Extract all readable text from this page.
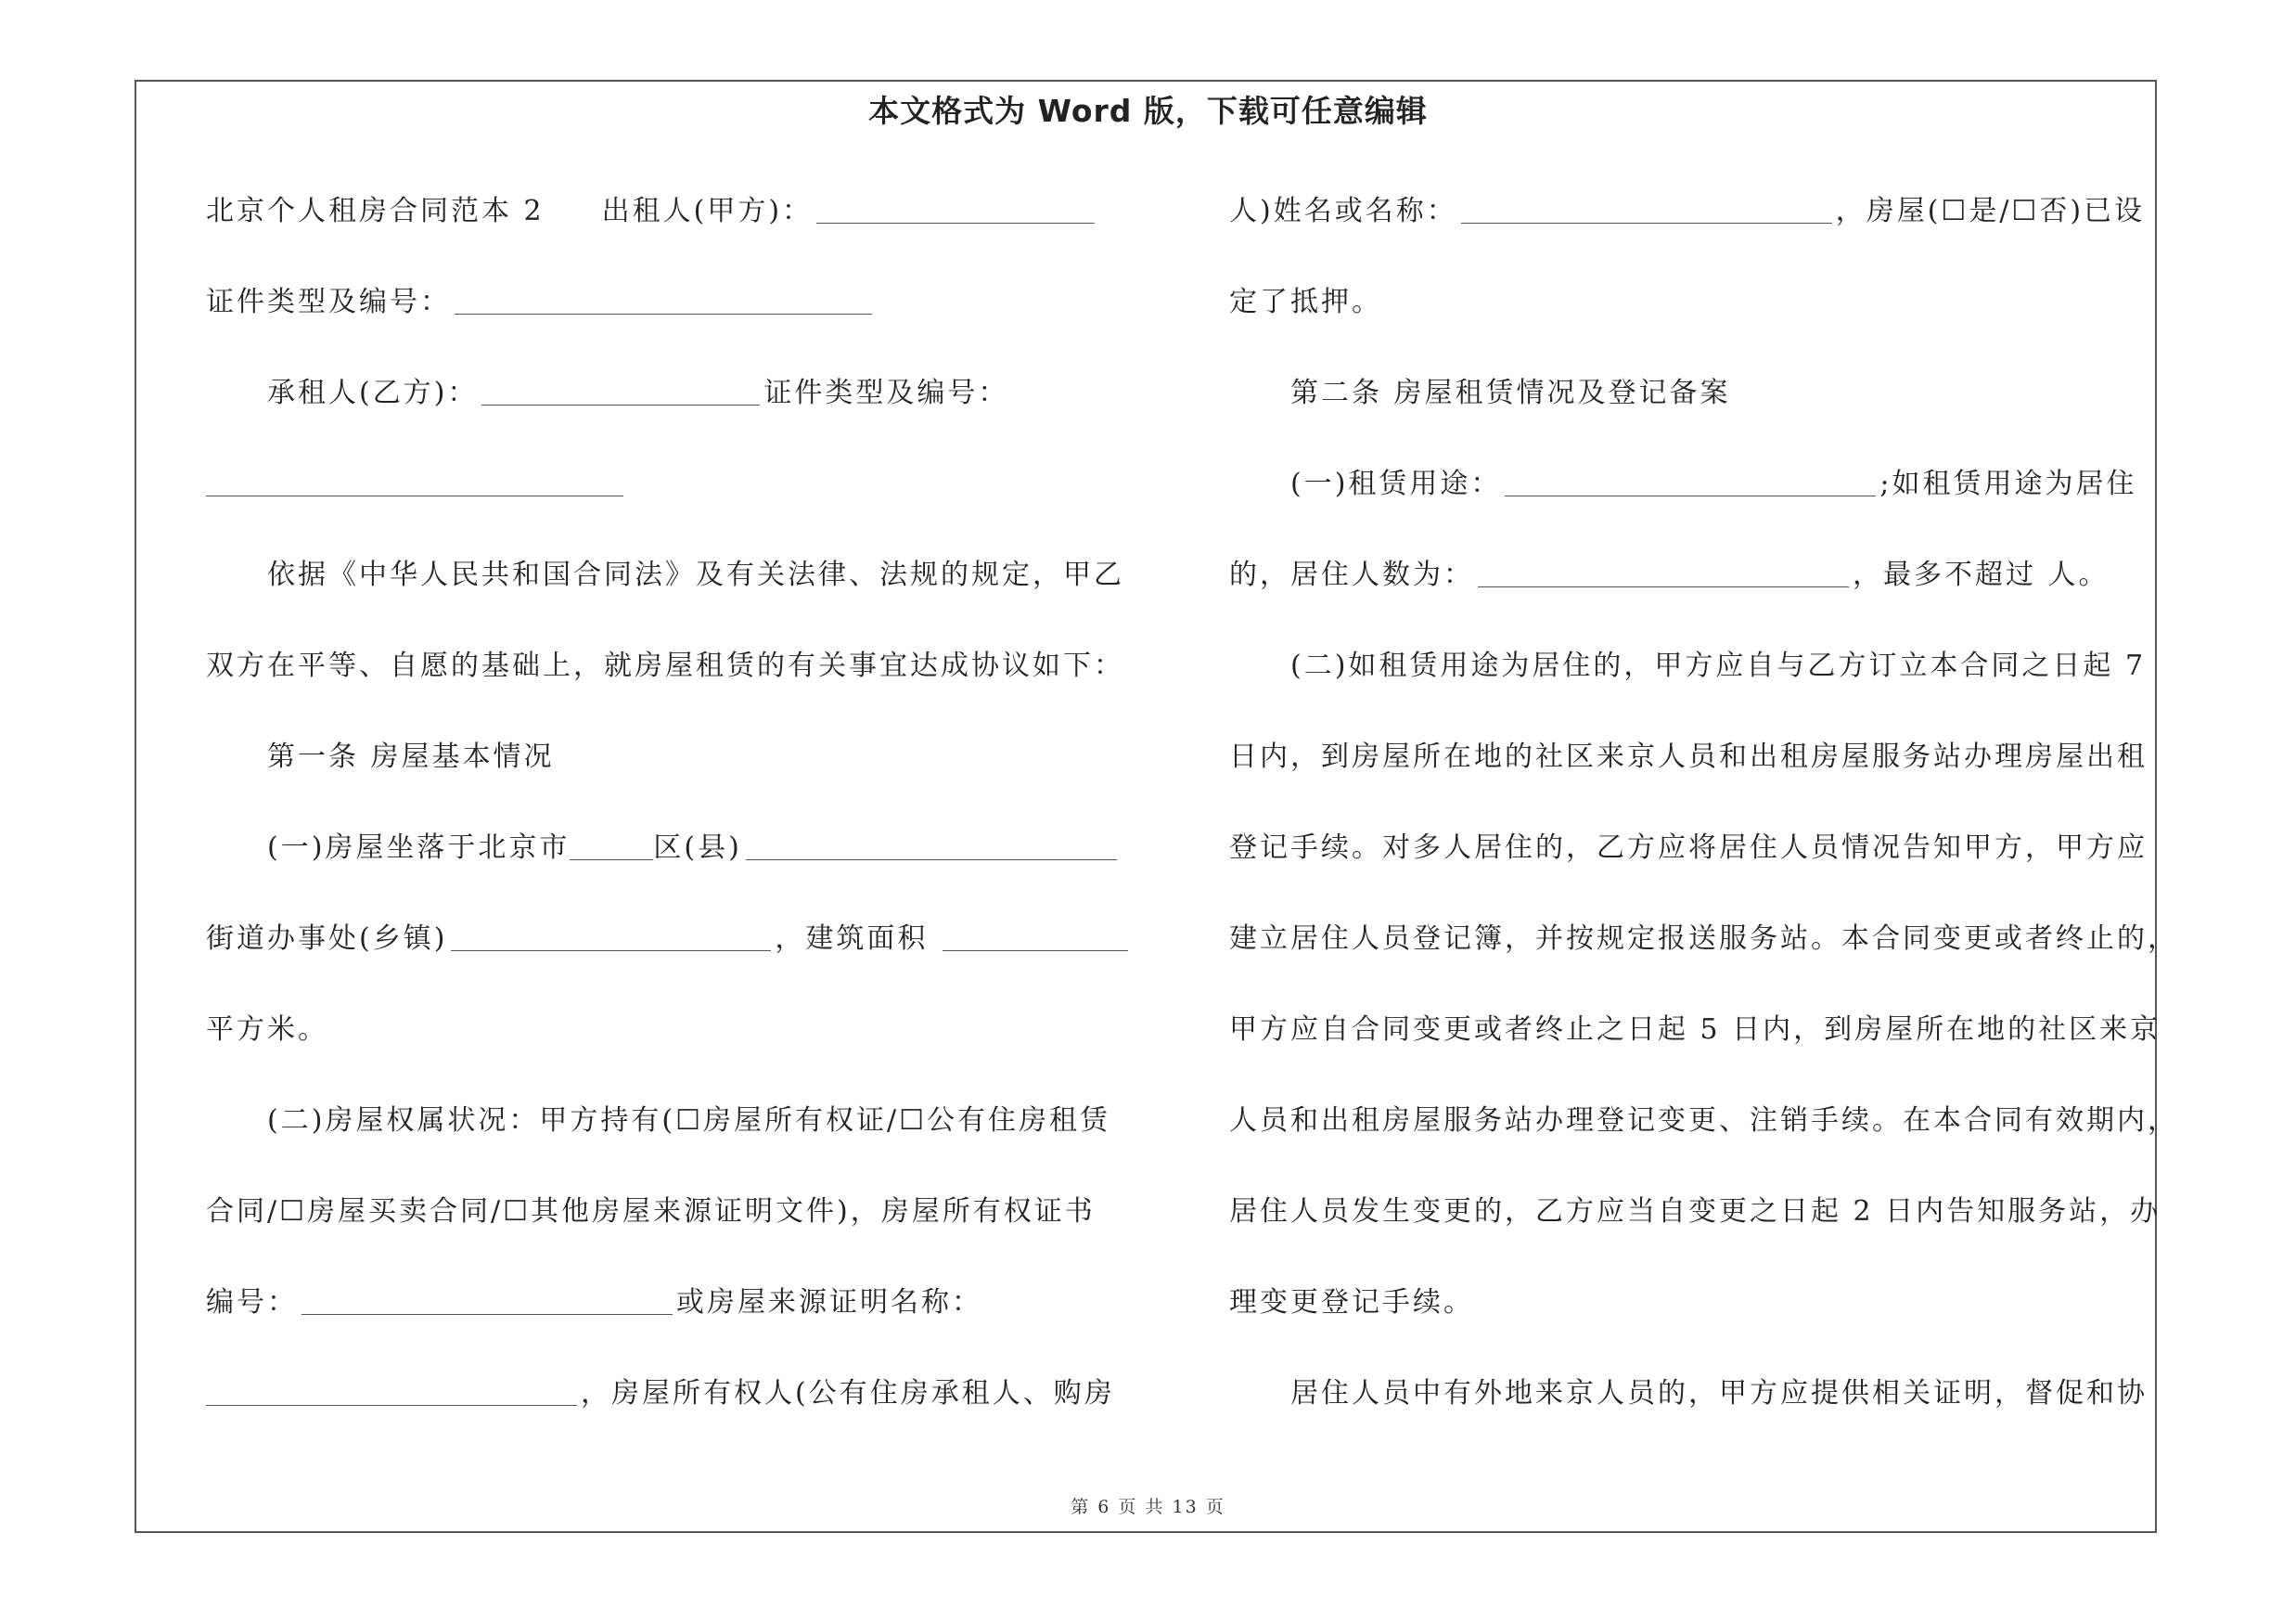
本文格式为 Word 版，下载可任意编辑
北京个人租房合同范本 2 出租人(甲方)：
证件类型及编号：
承租人(乙方)：	证件类型及编号：
依据《中华人民共和国合同法》及有关法律、法规的规定，甲乙
双方在平等、自愿的基础上，就房屋租赁的有关事宜达成协议如下：
第一条 房屋基本情况
(一)房屋坐落于北京市	区(县)
街道办事处(乡镇)	，建筑面积
平方米。
(二)房屋权属状况：甲方持有(☐房屋所有权证/☐公有住房租赁
合同/☐房屋买卖合同/☐其他房屋来源证明文件)，房屋所有权证书
编号：	或房屋来源证明名称：
，房屋所有权人(公有住房承租人、购房
人)姓名或名称：	，房屋(☐是/☐否)已设
定了抵押。
第二条 房屋租赁情况及登记备案
(一)租赁用途：	;如租赁用途为居住
的，居住人数为：	，最多不超过 人。
(二)如租赁用途为居住的，甲方应自与乙方订立本合同之日起 7
日内，到房屋所在地的社区来京人员和出租房屋服务站办理房屋出租
登记手续。对多人居住的，乙方应将居住人员情况告知甲方，甲方应
建立居住人员登记簿，并按规定报送服务站。本合同变更或者终止的，
甲方应自合同变更或者终止之日起 5 日内，到房屋所在地的社区来京
人员和出租房屋服务站办理登记变更、注销手续。在本合同有效期内，
居住人员发生变更的，乙方应当自变更之日起 2 日内告知服务站，办
理变更登记手续。
居住人员中有外地来京人员的，甲方应提供相关证明，督促和协
第 6 页 共 13 页
